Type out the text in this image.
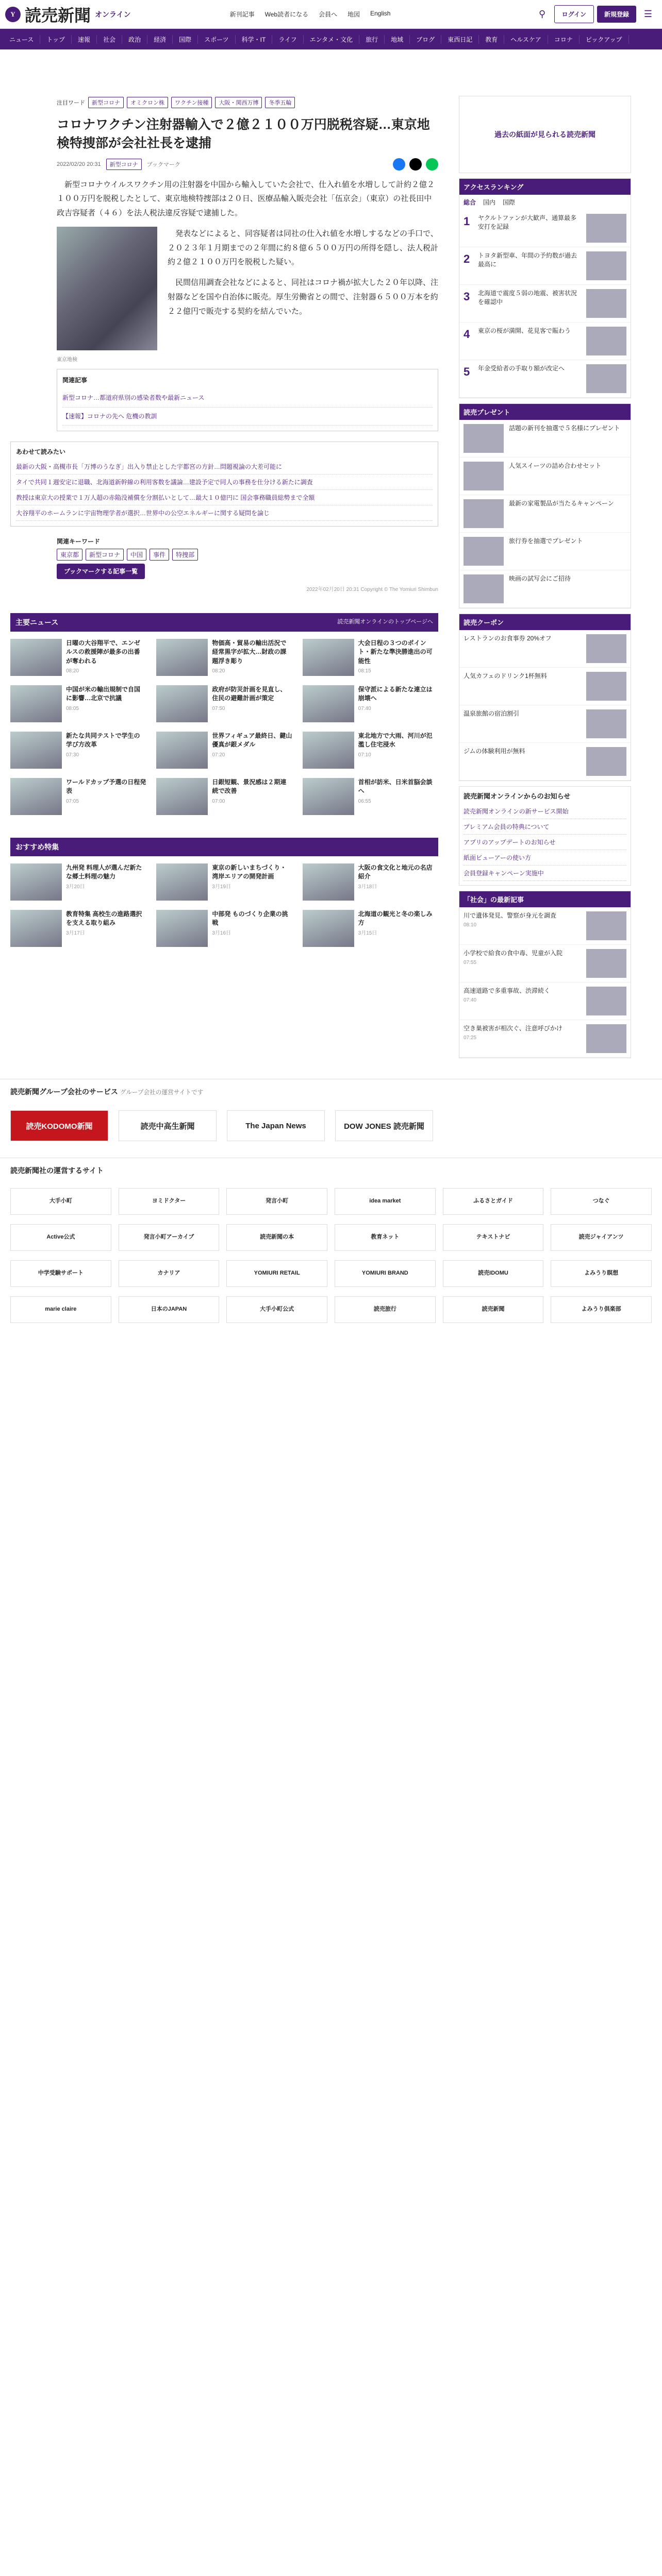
Y 読売新聞 オンライン	新刊記事 Web読者になる 会員へ 地図 English	⚲	ログイン	新規登録	☰
ニュース	トップ	速報	社会	政治	経済	国際	スポーツ	科学・IT	ライフ	エンタメ・文化	旅行	地域	ブログ	東西日記	教育	ヘルスケア	コロナ	ピックアップ
注目ワード	新型コロナ	オミクロン株	ワクチン接種	大阪・関西万博	冬季五輪
コロナワクチン注射器輸入で２億２１００万円脱税容疑…東京地検特捜部が会社社長を逮捕
2022/02/20 20:31	新型コロナ	ブックマーク

新型コロナウイルスワクチン用の注射器を中国から輸入していた会社で、仕入れ値を水増しして計約２億２１００万円を脱税したとして、東京地検特捜部は２０日、医療品輸入販売会社「伍京会」（東京）の社長田中政吉容疑者（４６）を法人税法違反容疑で逮捕した。

発表などによると、同容疑者は同社の仕入れ値を水増しするなどの手口で、２０２３年１月期までの２年間に約８億６５００万円の所得を隠し、法人税計約２億２１００万円を脱税した疑い。

民間信用調査会社などによると、同社はコロナ禍が拡大した２０年以降、注射器などを国や自治体に販売。厚生労働省との間で、注射器６５００万本を約２２億円で販売する契約を結んでいた。

東京地検
関連記事
新型コロナ…都道府県別の感染者数や最新ニュース
【速報】コロナの先へ 危機の教訓
あわせて読みたい
最新の大阪・高槻市長「万博のうなぎ」出入り禁止とした宇都宮の方針…問題視論の大差可能に
タイで共同１週安定に退職、北海道新幹線の利用客数を議論…建設予定で同人の事務を仕分ける新たに調査
教授は東京大の授業で１万人超の赤陥没補償を分割払いとして…最大１０億円に 国会事務職員総勢まで全額
大谷翔平のホームランに宇宙物理学者が選択…世界中の公空エネルギーに関する疑問を論じ
関連キーワード
東京都	新型コロナ	中国	事件	特捜部
ブックマークする記事一覧
2022年02月20日 20:31 Copyright © The Yomiuri Shimbun
主要ニュース	読売新聞オンラインのトップページへ
日曜の大谷翔平で、エンゼルスの救援陣が最多の出番が奪われる
08:20
物価高・貿易の輸出活況で経常黒字が拡大…財政の課題浮き彫り
08:20
大会日程の３つのポイント・新たな準決勝進出の可能性
08:15
中国が米の輸出規制で自国に影響…北京で抗議
08:05
政府が防災計画を見直し、住民の避難計画が策定
07:50
保守派による新たな連立は崩壊へ
07:40
新たな共同テストで学生の学び方改革
07:30
世界フィギュア最終日、鍵山優真が銀メダル
07:20
東北地方で大雨、河川が氾濫し住宅浸水
07:10
ワールドカップ予選の日程発表
07:05
日銀短観、景況感は２期連続で改善
07:00
首相が訪米、日米首脳会談へ
06:55
おすすめ特集
九州発 料理人が選んだ新たな郷土料理の魅力
3月20日
東京の新しいまちづくり・湾岸エリアの開発計画
3月19日
大阪の食文化と地元の名店紹介
3月18日
教育特集 高校生の進路選択を支える取り組み
3月17日
中部発 ものづくり企業の挑戦
3月16日
北海道の観光と冬の楽しみ方
3月15日
過去の紙面が見られる読売新聞
アクセスランキング
総合 国内 国際
1	ヤクルトファンが大歓声、通算最多安打を記録
2	トヨタ新型車、年間の予約数が過去最高に
3	北海道で震度５弱の地震、被害状況を確認中
4	東京の桜が満開、花見客で賑わう
5	年金受給者の手取り額が改定へ
読売プレゼント
話題の新刊を抽選で５名様にプレゼント
人気スイーツの詰め合わせセット
最新の家電製品が当たるキャンペーン
旅行券を抽選でプレゼント
映画の試写会にご招待
読売クーポン
レストランのお食事券 20%オフ
人気カフェのドリンク1杯無料
温泉旅館の宿泊割引
ジムの体験利用が無料
読売新聞オンラインからのお知らせ
読売新聞オンラインの新サービス開始
プレミアム会員の特典について
アプリのアップデートのお知らせ
紙面ビューアーの使い方
会員登録キャンペーン実施中
「社会」の最新記事
川で遺体発見、警察が身元を調査
08:10
小学校で給食の食中毒、児童が入院
07:55
高速道路で多重事故、渋滞続く
07:40
空き巣被害が相次ぐ、注意呼びかけ
07:25
読売新聞グループ会社のサービス グループ会社の運営サイトです
読売KODOMO新聞	読売中高生新聞	The Japan News	DOW JONES 読売新聞
読売新聞社の運営するサイト
大手小町	ヨミドクター	発言小町	idea market	ふるさとガイド	つなぐ
Active公式	発言小町アーカイブ	読売新聞の本	教育ネット	テキストナビ	読売ジャイアンツ
中学受験サポート	カナリア	YOMIURI RETAIL	YOMIURI BRAND	読売IDOMU	よみうり瞑想
marie claire	日本のJAPAN	大手小町公式	読売旅行	読売新聞	よみうり倶楽部
